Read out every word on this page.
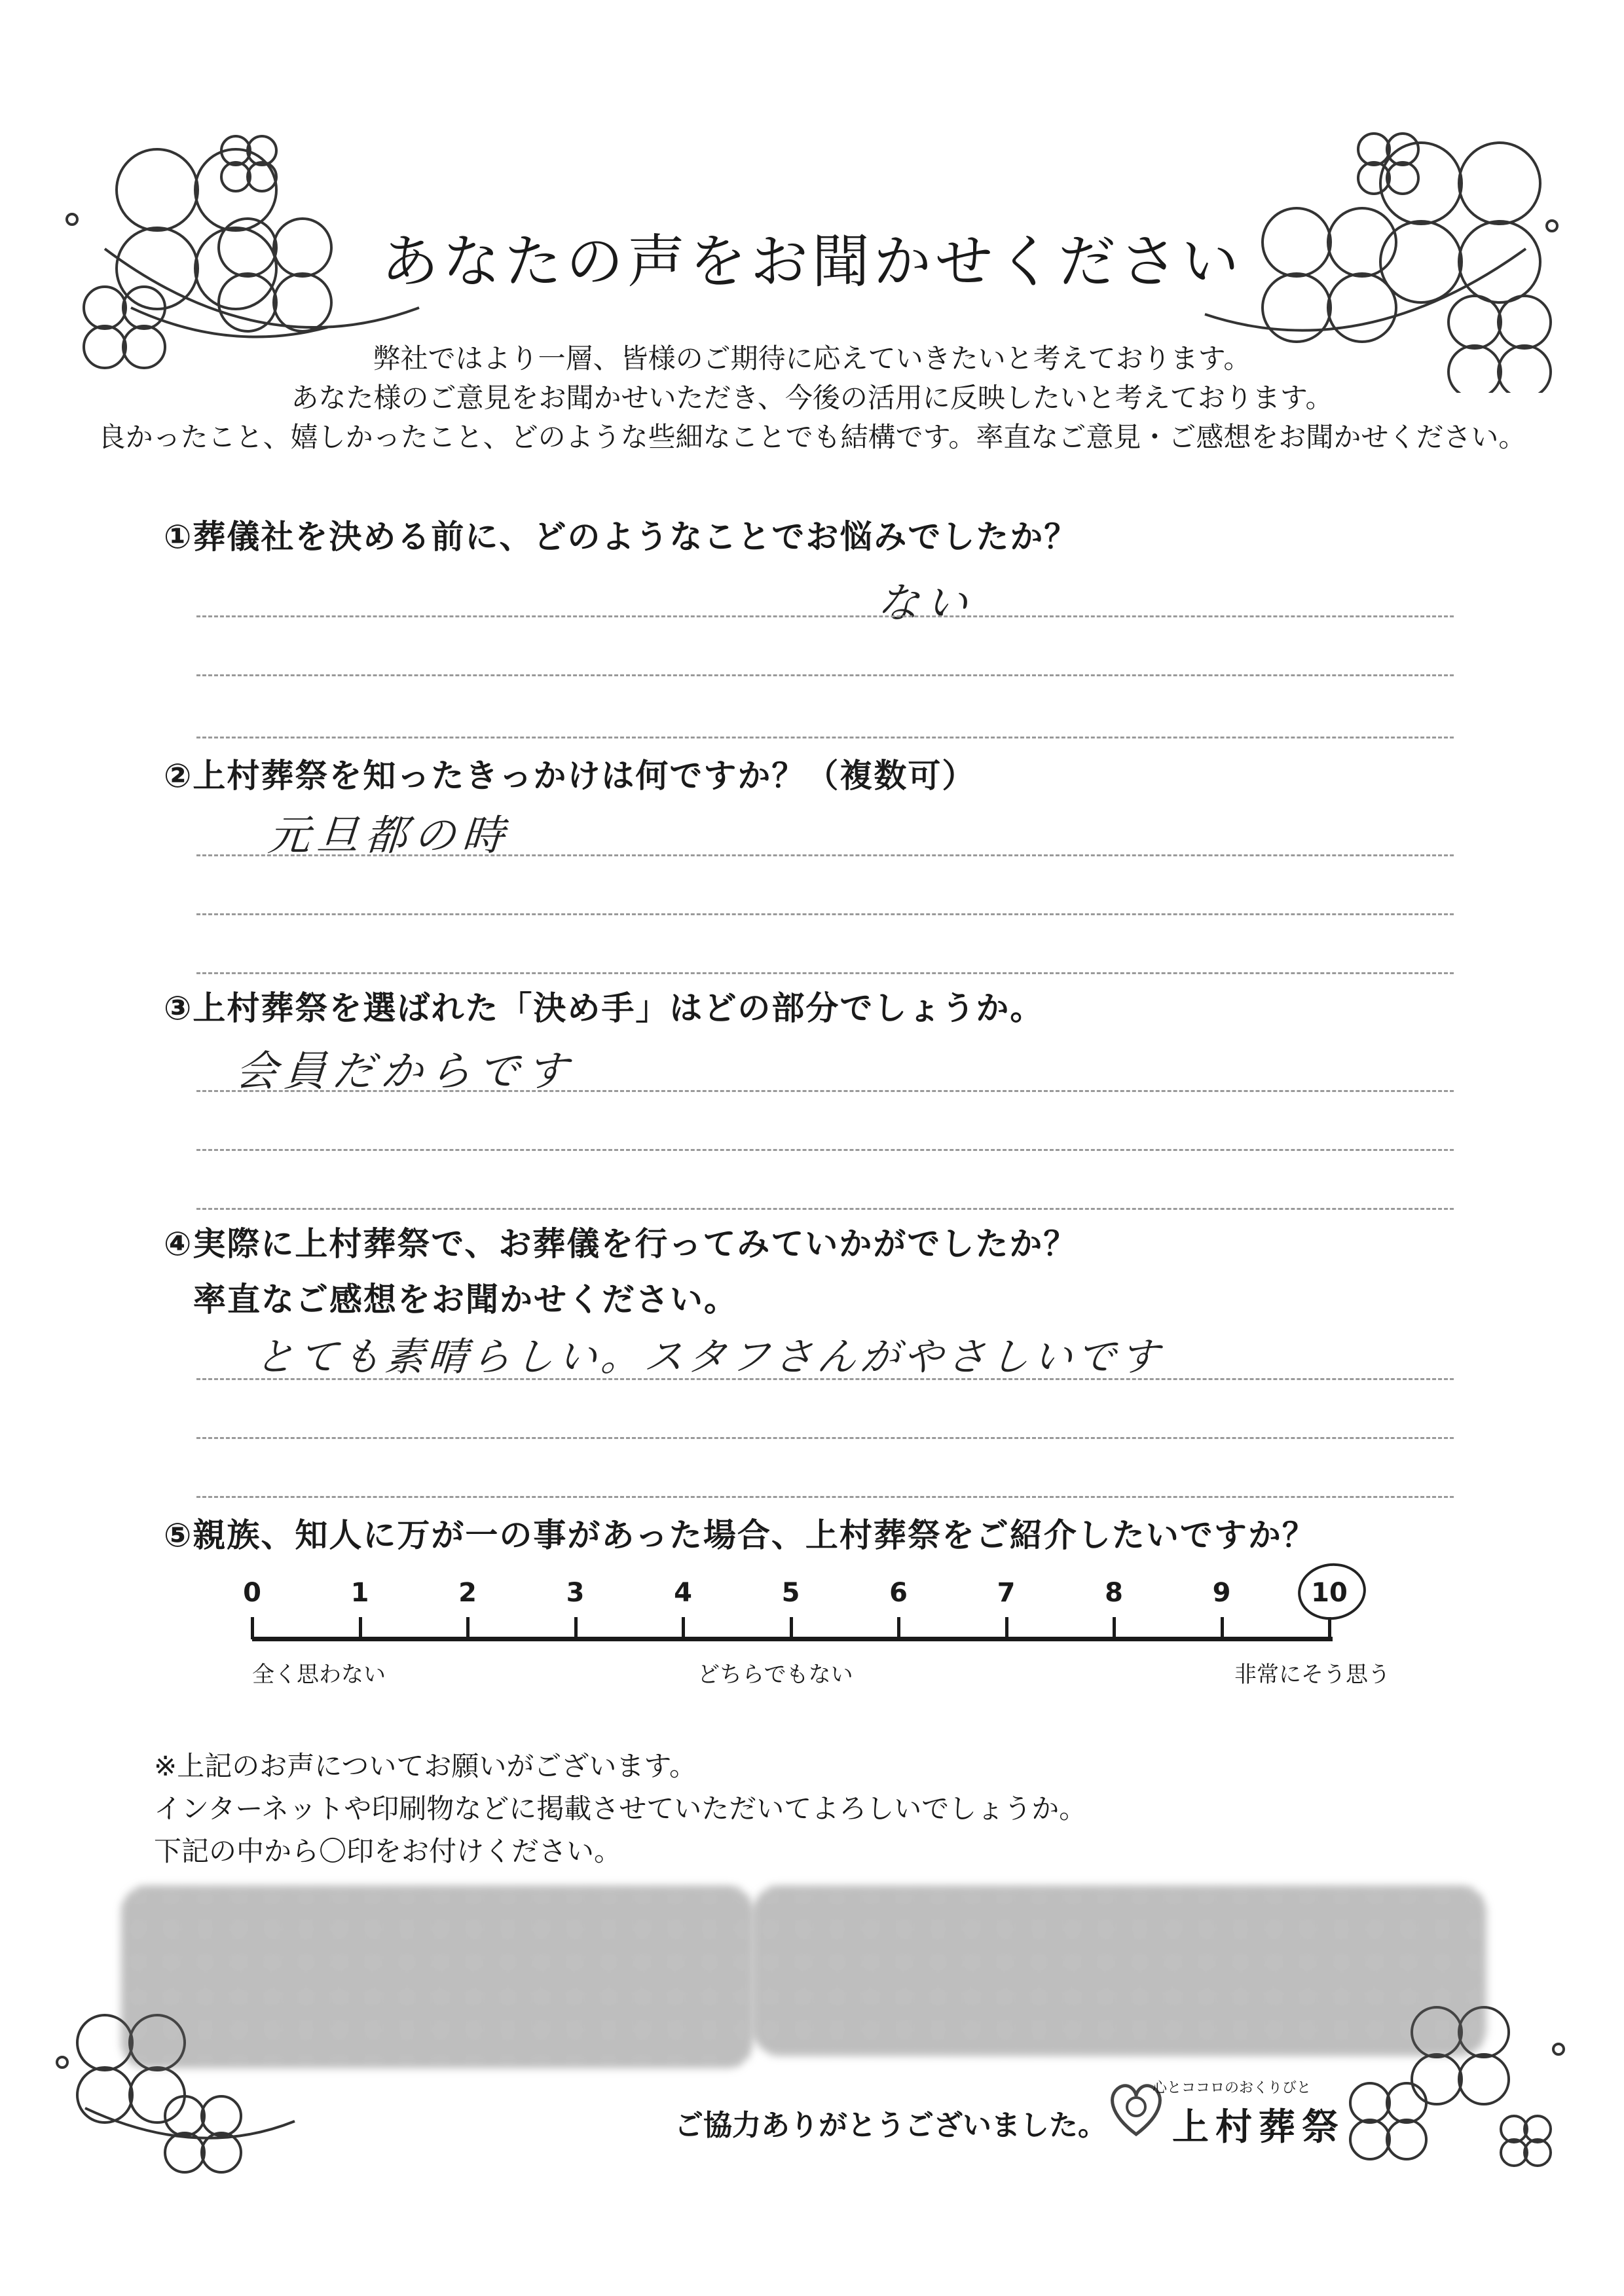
あなたの声をお聞かせください
弊社ではより一層、皆様のご期待に応えていきたいと考えております。
あなた様のご意見をお聞かせいただき、今後の活用に反映したいと考えております。
良かったこと、嬉しかったこと、どのような些細なことでも結構です。率直なご意見・ご感想をお聞かせください。
①葬儀社を決める前に、どのようなことでお悩みでしたか？
ない
②上村葬祭を知ったきっかけは何ですか？（複数可）
元旦都の時
③上村葬祭を選ばれた「決め手」はどの部分でしょうか。
会員だからです
④実際に上村葬祭で、お葬儀を行ってみていかがでしたか？
率直なご感想をお聞かせください。
とても素晴らしい。スタフさんがやさしいです
⑤親族、知人に万が一の事があった場合、上村葬祭をご紹介したいですか？
0	1	2	3	4	5	6	7	8	9	10
全く思わない	どちらでもない	非常にそう思う
※上記のお声についてお願いがございます。
インターネットや印刷物などに掲載させていただいてよろしいでしょうか。
下記の中から〇印をお付けください。
ご協力ありがとうございました。
心とココロのおくりびと
上村葬祭
